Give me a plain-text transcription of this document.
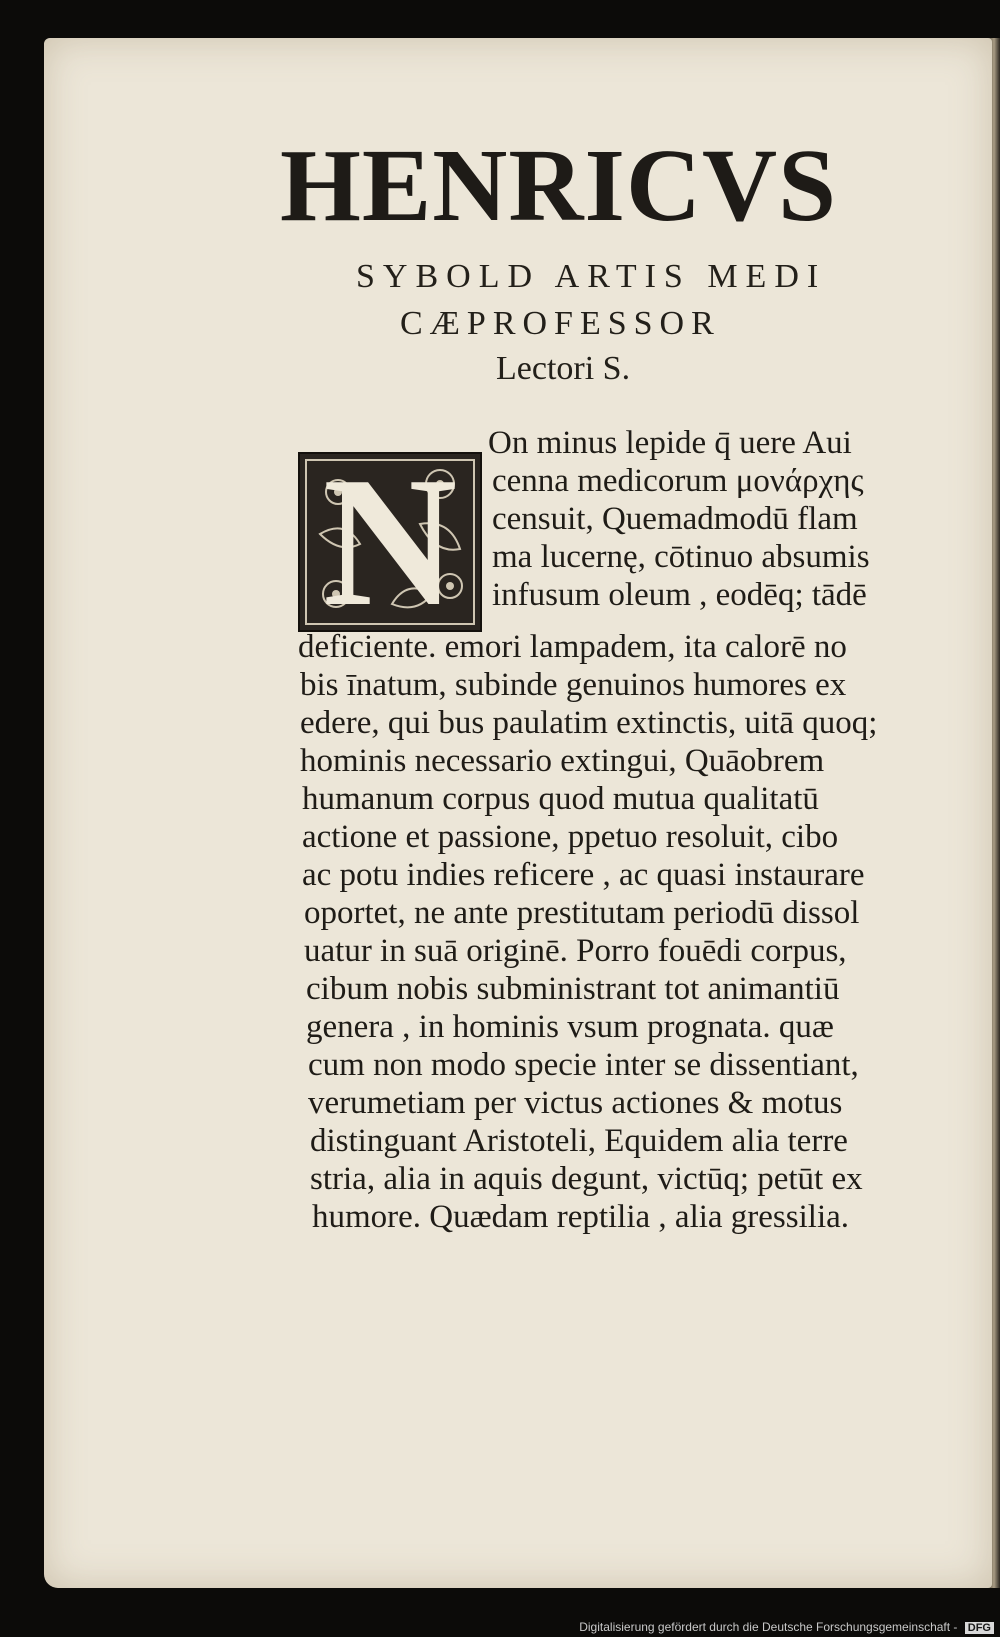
HENRICVS

SYBOLD ARTIS MEDI

CÆPROFESSOR

Lectori S.

N On minus lepide q̄ uere Aui

cenna medicorum μονάρχης

censuit, Quemadmodū flam

ma lucernę, cōtinuo absumis

infusum oleum , eodēq; tādē

deficiente. emori lampadem, ita calorē no

bis īnatum, subinde genuinos humores ex

edere, qui bus paulatim extinctis, uitā quoq;

hominis necessario extingui, Quāobrem

humanum corpus quod mutua qualitatū

actione et passione, ppetuo resoluit, cibo

ac potu indies reficere , ac quasi instaurare

oportet, ne ante prestitutam periodū dissol

uatur in suā originē. Porro fouēdi corpus,

cibum nobis subministrant tot animantiū

genera , in hominis vsum prognata. quæ

cum non modo specie inter se dissentiant,

verumetiam per victus actiones & motus

distinguant Aristoteli, Equidem alia terre

stria, alia in aquis degunt, victūq; petūt ex

humore. Quædam reptilia , alia gressilia.

Digitalisierung gefördert durch die Deutsche Forschungsgemeinschaft - DFG
